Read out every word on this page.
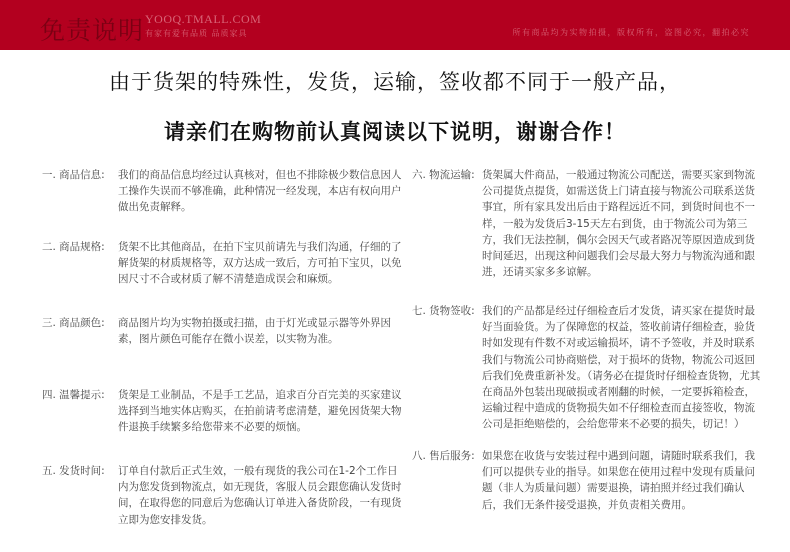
免责说明 YOOQ.TMALL.COM
有家有爱有品质 品质家具	所有商品均为实物拍摄，版权所有，盗图必究，翻拍必究
由于货架的特殊性，发货，运输，签收都不同于一般产品，
请亲们在购物前认真阅读以下说明，谢谢合作！
一. 商品信息: 我们的商品信息均经过认真核对，但也不排除极少数信息因人工操作失误而不够准确，此种情况一经发现，本店有权向用户做出免责解释。
二. 商品规格: 货架不比其他商品，在拍下宝贝前请先与我们沟通，仔细的了解货架的材质规格等，双方达成一致后，方可拍下宝贝，以免因尺寸不合或材质了解不清楚造成误会和麻烦。
三. 商品颜色: 商品图片均为实物拍摄或扫描，由于灯光或显示器等外界因素，图片颜色可能存在微小误差，以实物为准。
四. 温馨提示: 货架是工业制品，不是手工艺品，追求百分百完美的买家建议选择到当地实体店购买，在拍前请考虑清楚，避免因货架大物件退换手续繁多给您带来不必要的烦恼。
五. 发货时间: 订单自付款后正式生效，一般有现货的我公司在1-2个工作日内为您发货到物流点，如无现货，客服人员会跟您确认发货时间，在取得您的同意后为您确认订单进入备货阶段，一有现货立即为您安排发货。
六. 物流运输: 货架属大件商品，一般通过物流公司配送，需要买家到物流公司提货点提货，如需送货上门请直接与物流公司联系送货事宜，所有家具发出后由于路程远近不同，到货时间也不一样，一般为发货后3-15天左右到货，由于物流公司为第三方，我们无法控制，偶尔会因天气或者路况等原因造成到货时间延迟，出现这种问题我们会尽最大努力与物流沟通和跟进，还请买家多多谅解。
七. 货物签收: 我们的产品都是经过仔细检查后才发货，请买家在提货时最好当面验货。为了保障您的权益，签收前请仔细检查，验货时如发现有件数不对或运输损坏，请不予签收，并及时联系我们与物流公司协商赔偿，对于损坏的货物，物流公司返回后我们免费重新补发。（请务必在提货时仔细检查货物，尤其在商品外包装出现破损或者刚翻的时候，一定要拆箱检查，运输过程中造成的货物损失如不仔细检查而直接签收，物流公司是拒绝赔偿的，会给您带来不必要的损失，切记！）
八. 售后服务: 如果您在收货与安装过程中遇到问题，请随时联系我们，我们可以提供专业的指导。如果您在使用过程中发现有质量问题（非人为质量问题）需要退换，请拍照并经过我们确认后，我们无条件接受退换，并负责相关费用。
